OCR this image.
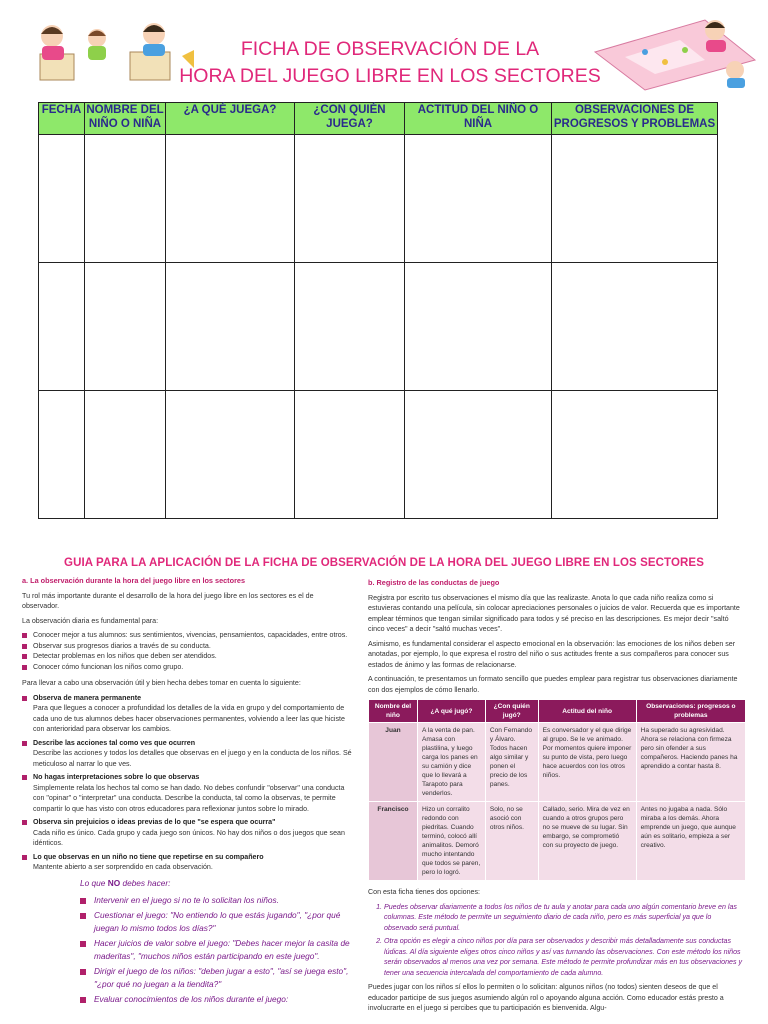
FICHA DE OBSERVACIÓN DE LA
HORA DEL JUEGO LIBRE EN LOS SECTORES
FECHA	NOMBRE DEL NIÑO O NIÑA	¿A QUÉ JUEGA?	¿CON QUIÉN JUEGA?	ACTITUD DEL NIÑO O NIÑA	OBSERVACIONES DE PROGRESOS Y PROBLEMAS

GUIA PARA LA APLICACIÓN DE LA FICHA DE OBSERVACIÓN DE LA HORA DEL JUEGO LIBRE EN LOS SECTORES
a. La observación durante la hora del juego libre en los sectores

Tu rol más importante durante el desarrollo de la hora del juego libre en los sectores es el de observador.

La observación diaria es fundamental para:

Conocer mejor a tus alumnos: sus sentimientos, vivencias, pensamientos, capacidades, entre otros.
Observar sus progresos diarios a través de su conducta.
Detectar problemas en los niños que deben ser atendidos.
Conocer cómo funcionan los niños como grupo.

Para llevar a cabo una observación útil y bien hecha debes tomar en cuenta lo siguiente:

Observa de manera permanente
Para que llegues a conocer a profundidad los detalles de la vida en grupo y del comportamiento de cada uno de tus alumnos debes hacer observaciones permanentes, volviendo a leer las que hiciste con anterioridad para observar los cambios.
Describe las acciones tal como ves que ocurren
Describe las acciones y todos los detalles que observas en el juego y en la conducta de los niños. Sé meticuloso al narrar lo que ves.
No hagas interpretaciones sobre lo que observas
Simplemente relata los hechos tal como se han dado. No debes confundir "observar" una conducta con "opinar" o "interpretar" una conducta. Describe la conducta, tal como la observas, te permite compartir lo que has visto con otros educadores para reflexionar juntos sobre lo mirado.
Observa sin prejuicios o ideas previas de lo que "se espera que ocurra"
Cada niño es único. Cada grupo y cada juego son únicos. No hay dos niños o dos juegos que sean idénticos.
Lo que observas en un niño no tiene que repetirse en su compañero
Mantente abierto a ser sorprendido en cada observación.
Lo que NO debes hacer:
Intervenir en el juego si no te lo solicitan los niños.
Cuestionar el juego: "No entiendo lo que estás jugando", "¿por qué juegan lo mismo todos los días?"
Hacer juicios de valor sobre el juego: "Debes hacer mejor la casita de maderitas", "muchos niños están participando en este juego".
Dirigir el juego de los niños: "deben jugar a esto", "así se juega esto", "¿por qué no juegan a la tiendita?"
Evaluar conocimientos de los niños durante el juego:
b. Registro de las conductas de juego

Registra por escrito tus observaciones el mismo día que las realizaste. Anota lo que cada niño realiza como si estuvieras contando una película, sin colocar apreciaciones personales o juicios de valor. Recuerda que es importante emplear términos que tengan similar significado para todos y sé preciso en las descripciones. Es mejor decir "saltó cinco veces" a decir "saltó muchas veces".

Asimismo, es fundamental considerar el aspecto emocional en la observación: las emociones de los niños deben ser anotadas, por ejemplo, lo que expresa el rostro del niño o sus actitudes frente a sus compañeros para conocer sus estados de ánimo y las formas de relacionarse.

A continuación, te presentamos un formato sencillo que puedes emplear para registrar tus observaciones diariamente con dos ejemplos de cómo llenarlo.

Nombre del niño	¿A qué jugó?	¿Con quién jugó?	Actitud del niño	Observaciones: progresos o problemas
Juan	A la venta de pan. Amasa con plastilina, y luego carga los panes en su camión y dice que lo llevará a Tarapoto para venderlos.	Con Fernando y Álvaro. Todos hacen algo similar y ponen el precio de los panes.	Es conversador y el que dirige al grupo. Se le ve animado. Por momentos quiere imponer su punto de vista, pero luego hace acuerdos con los otros niños.	Ha superado su agresividad. Ahora se relaciona con firmeza pero sin ofender a sus compañeros. Haciendo panes ha aprendido a contar hasta 8.
Francisco	Hizo un corralito redondo con piedritas. Cuando terminó, colocó allí animalitos. Demoró mucho intentando que todos se paren, pero lo logró.	Solo, no se asoció con otros niños.	Callado, serio. Mira de vez en cuando a otros grupos pero no se mueve de su lugar. Sin embargo, se comprometió con su proyecto de juego.	Antes no jugaba a nada. Sólo miraba a los demás. Ahora emprende un juego, que aunque aún es solitario, empieza a ser creativo.

Con esta ficha tienes dos opciones:

1. Puedes observar diariamente a todos los niños de tu aula y anotar para cada uno algún comentario breve en las columnas. Este método te permite un seguimiento diario de cada niño, pero es más superficial ya que lo observado será puntual.
2. Otra opción es elegir a cinco niños por día para ser observados y describir más detalladamente sus conductas lúdicas. Al día siguiente eliges otros cinco niños y así vas turnando las observaciones. Con este método los niños serán observados al menos una vez por semana. Este método te permite profundizar más en tus observaciones y tener una secuencia intercalada del comportamiento de cada alumno.

Puedes jugar con los niños sí ellos lo permiten o lo solicitan: algunos niños (no todos) sienten deseos de que el educador participe de sus juegos asumiendo algún rol o apoyando alguna acción. Como educador estás presto a involucrarte en el juego si percibes que tu participación es bienvenida. Algu-
